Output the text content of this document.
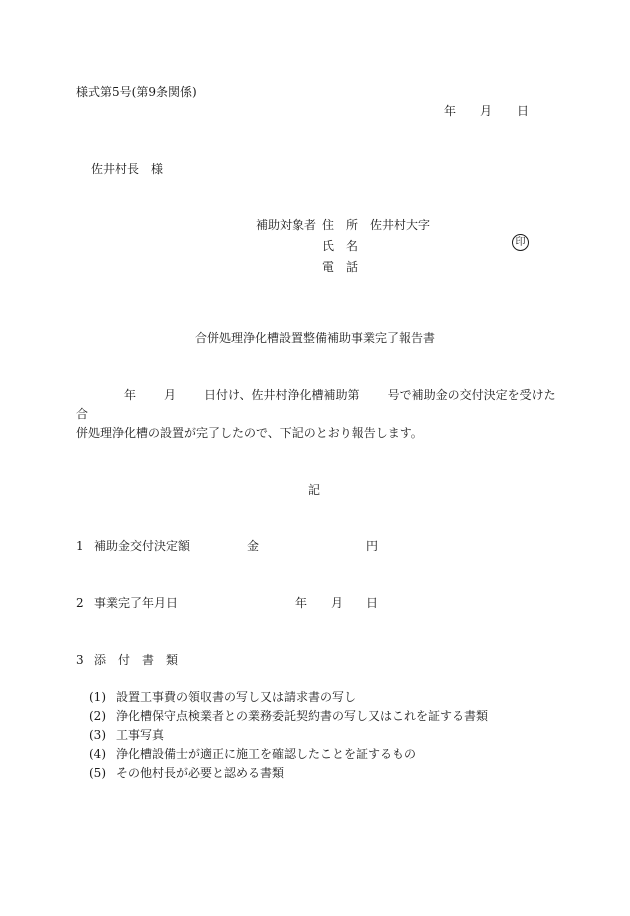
様式第5号(第9条関係)
年 月 日
佐井村長　様
補助対象者 住　所 佐井村大字
氏　名
電　話
印
合併処理浄化槽設置整備補助事業完了報告書
年 月 日付け、佐井村浄化槽補助第 号で補助金の交付決定を受けた合
併処理浄化槽の設置が完了したので、下記のとおり報告します。
記
1 補助金交付決定額	金	円
2 事業完了年月日	年 月 日
3 添　付　書　類
(1) 設置工事費の領収書の写し又は請求書の写し
(2) 浄化槽保守点検業者との業務委託契約書の写し又はこれを証する書類
(3) 工事写真
(4) 浄化槽設備士が適正に施工を確認したことを証するもの
(5) その他村長が必要と認める書類
